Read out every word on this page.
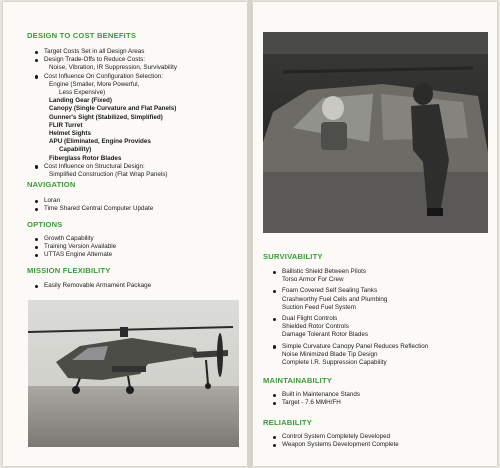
DESIGN TO COST BENEFITS
Target Costs Set in all Design Areas
Design Trade-Offs to Reduce Costs:
Noise, Vibration, IR Suppression, Survivability
Cost Influence On Configuration Selection:
Engine (Smaller, More Powerful,
Less Expensive)
Landing Gear (Fixed)
Canopy (Single Curvature and Flat Panels)
Gunner's Sight (Stabilized, Simplified)
FLIR Turret
Helmet Sights
APU (Eliminated, Engine Provides
Capability)
Fiberglass Rotor Blades
Cost Influence on Structural Design:
Simplified Construction (Flat Wrap Panels)
NAVIGATION
Loran
Time Shared Central Computer Update
OPTIONS
Growth Capability
Training Version Available
UTTAS Engine Alternate
MISSION FLEXIBILITY
Easily Removable Armament Package
SURVIVABILITY
Ballistic Shield Between Pilots
Torso Armor For Crew
Foam Covered Self Sealing Tanks
Crashworthy Fuel Cells and Plumbing
Suction Feed Fuel System
Dual Flight Controls
Shielded Rotor Controls
Damage Tolerant Rotor Blades
Simple Curvature Canopy Panel Reduces Reflection
Noise Minimized Blade Tip Design
Complete I.R. Suppression Capability
MAINTAINABILITY
Built in Maintenance Stands
Target - 7.6 MMH/FH
RELIABILITY
Control System Completely Developed
Weapon Systems Development Complete
